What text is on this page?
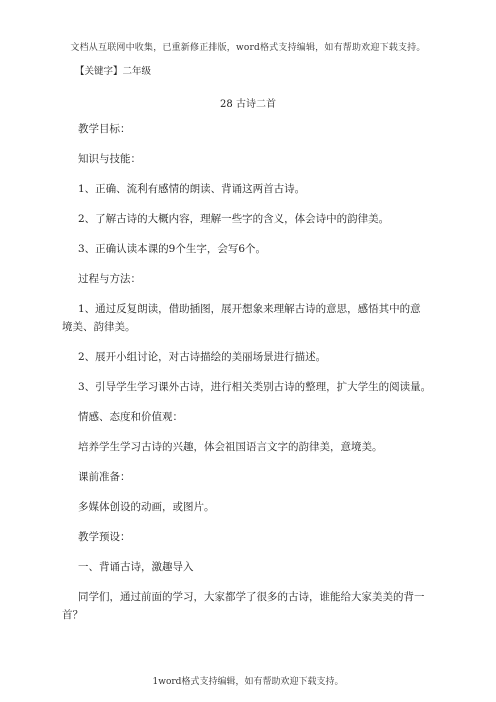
文档从互联网中收集，已重新修正排版，word格式支持编辑，如有帮助欢迎下载支持。
【关键字】二年级
28 古诗二首
教学目标：
知识与技能：
1、正确、流利有感情的朗读、背诵这两首古诗。
2、了解古诗的大概内容，理解一些字的含义，体会诗中的韵律美。
3、正确认读本课的9个生字，会写6个。
过程与方法：
1、通过反复朗读，借助插图，展开想象来理解古诗的意思，感悟其中的意
境美、韵律美。
2、展开小组讨论，对古诗描绘的美丽场景进行描述。
3、引导学生学习课外古诗，进行相关类别古诗的整理，扩大学生的阅读量。
情感、态度和价值观：
培养学生学习古诗的兴趣，体会祖国语言文字的韵律美，意境美。
课前准备：
多媒体创设的动画，或图片。
教学预设：
一、背诵古诗，激趣导入
同学们，通过前面的学习，大家都学了很多的古诗，谁能给大家美美的背一
首？
1word格式支持编辑，如有帮助欢迎下载支持。
